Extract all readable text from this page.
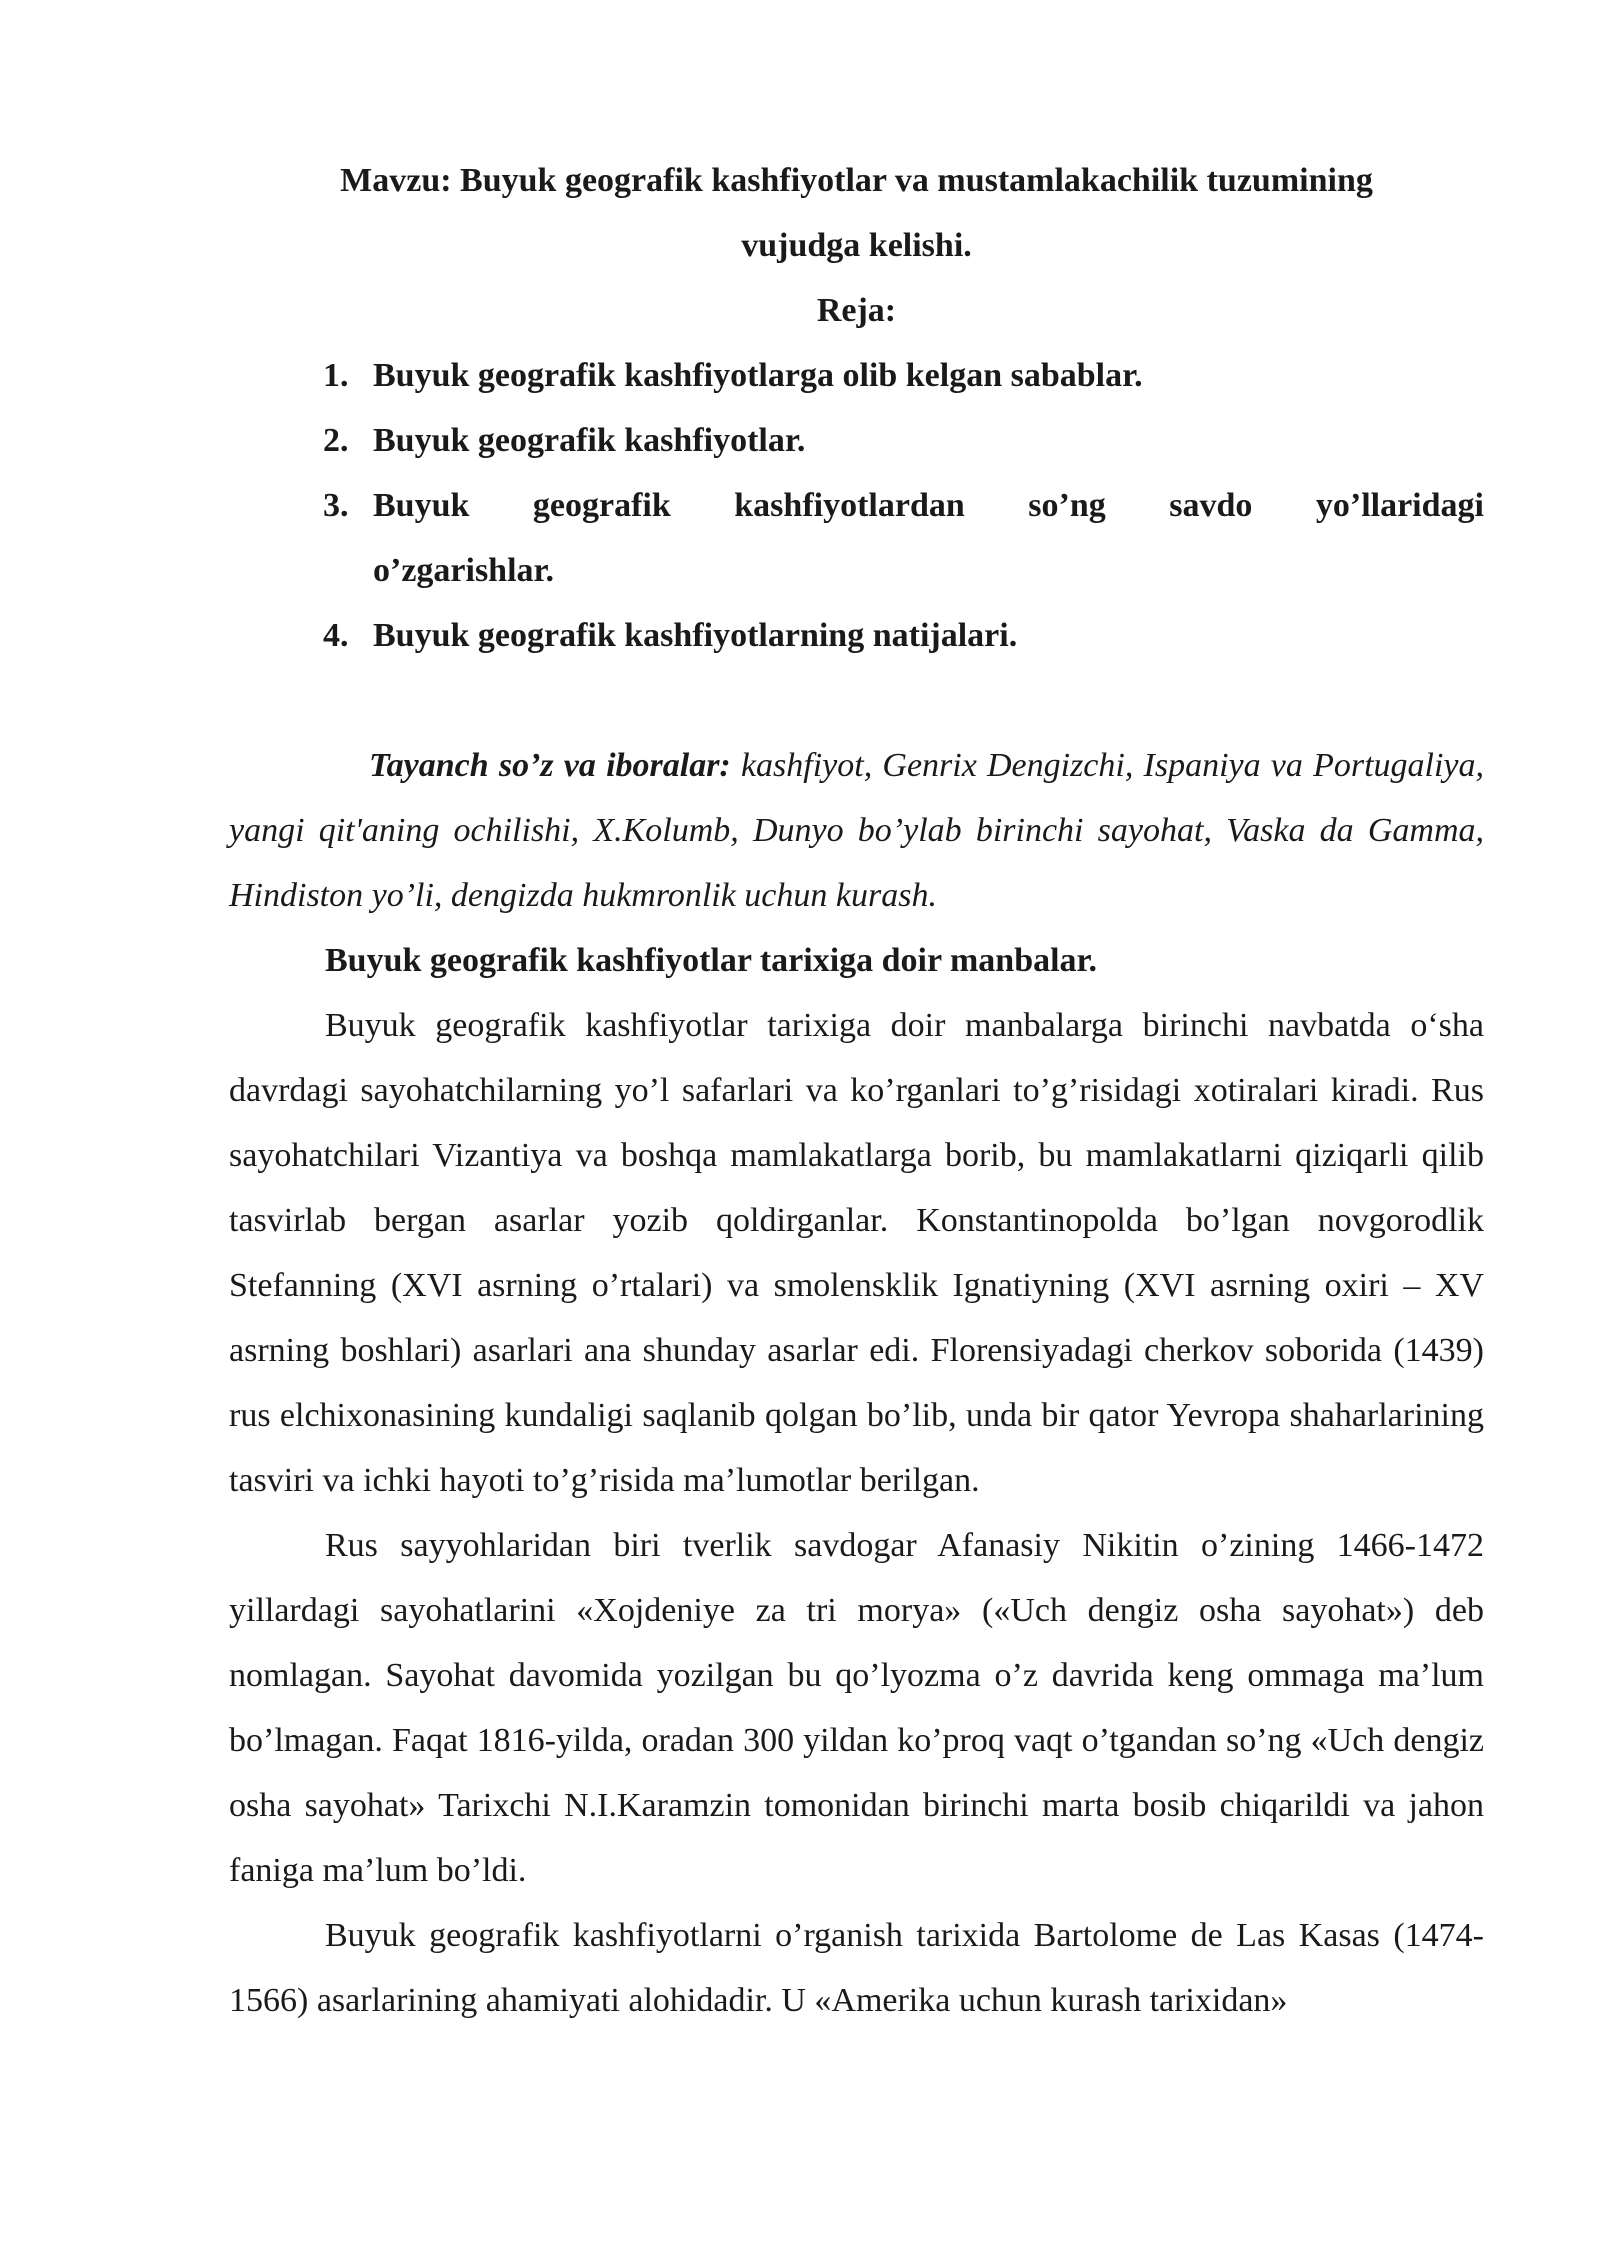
Mavzu: Buyuk geografik kashfiyotlar va mustamlakachilik tuzumining
vujudga kelishi.
Reja:
1. Buyuk geografik kashfiyotlarga olib kelgan sabablar.
2. Buyuk geografik kashfiyotlar.
3. Buyuk geografik kashfiyotlardan so’ng savdo yo’llaridagi
o’zgarishlar.
4. Buyuk geografik kashfiyotlarning natijalari.

Tayanch so’z va iboralar: kashfiyot, Genrix Dengizchi, Ispaniya va Portugaliya, yangi qit'aning ochilishi, X.Kolumb, Dunyo bo’ylab birinchi sayohat, Vaska da Gamma, Hindiston yo’li, dengizda hukmronlik uchun kurash.

Buyuk geografik kashfiyotlar tarixiga doir manbalar.

Buyuk geografik kashfiyotlar tarixiga doir manbalarga birinchi navbatda o‘sha davrdagi sayohatchilarning yo’l safarlari va ko’rganlari to’g’risidagi xotiralari kiradi. Rus sayohatchilari Vizantiya va boshqa mamlakatlarga borib, bu mamlakatlarni qiziqarli qilib tasvirlab bergan asarlar yozib qoldirganlar. Konstantinopolda bo’lgan novgorodlik Stefanning (XVI asrning o’rtalari) va smolensklik Ignatiyning (XVI asrning oxiri – XV asrning boshlari) asarlari ana shunday asarlar edi. Florensiyadagi cherkov soborida (1439) rus elchixonasining kundaligi saqlanib qolgan bo’lib, unda bir qator Yevropa shaharlarining tasviri va ichki hayoti to’g’risida ma’lumotlar berilgan.

Rus sayyohlaridan biri tverlik savdogar Afanasiy Nikitin o’zining 1466-1472 yillardagi sayohatlarini «Xojdeniye za tri morya» («Uch dengiz osha sayohat») deb nomlagan. Sayohat davomida yozilgan bu qo’lyozma o’z davrida keng ommaga ma’lum bo’lmagan. Faqat 1816-yilda, oradan 300 yildan ko’proq vaqt o’tgandan so’ng «Uch dengiz osha sayohat» Tarixchi N.I.Karamzin tomonidan birinchi marta bosib chiqarildi va jahon faniga ma’lum bo’ldi.

Buyuk geografik kashfiyotlarni o’rganish tarixida Bartolome de Las Kasas (1474-1566) asarlarining ahamiyati alohidadir. U «Amerika uchun kurash tarixidan»
